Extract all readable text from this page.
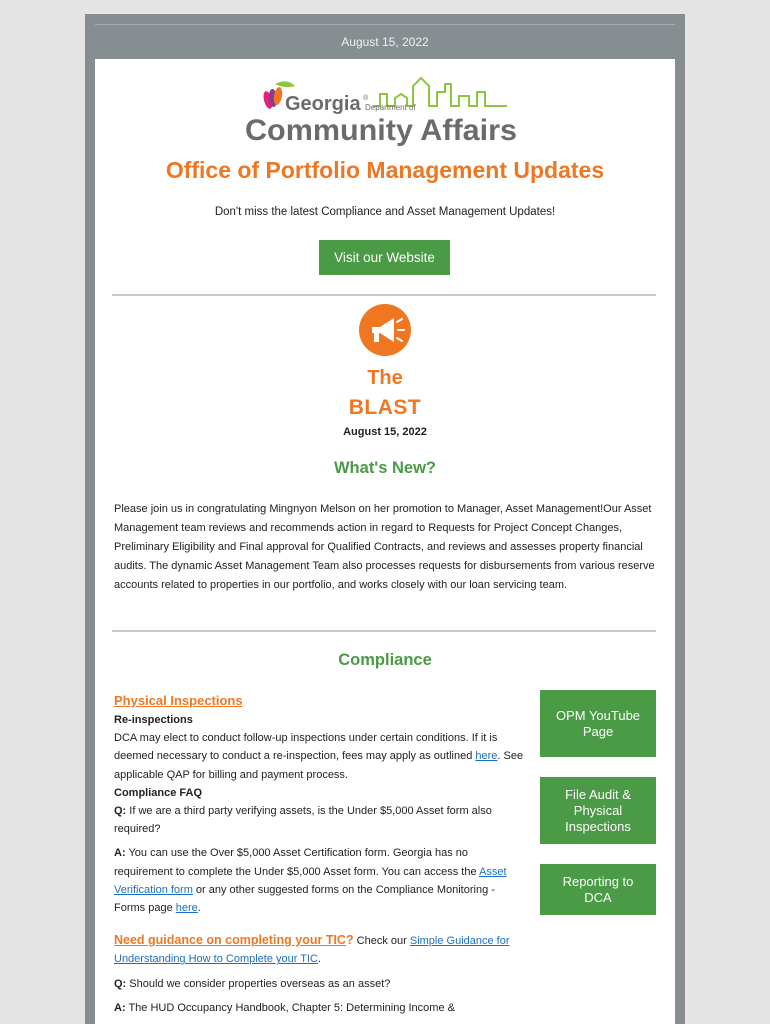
August 15, 2022
Georgia ®
Department of
Community Affairs
Office of Portfolio Management Updates
Don't miss the latest Compliance and Asset Management Updates!
Visit our Website
The
BLAST
August 15, 2022
What's New?
Please join us in congratulating Mingnyon Melson on her promotion to Manager, Asset Management!Our Asset Management team reviews and recommends action in regard to Requests for Project Concept Changes, Preliminary Eligibility and Final approval for Qualified Contracts, and reviews and assesses property financial audits. The dynamic Asset Management Team also processes requests for disbursements from various reserve accounts related to properties in our portfolio, and works closely with our loan servicing team.
Compliance

Physical Inspections

Re-inspections

DCA may elect to conduct follow-up inspections under certain conditions. If it is deemed necessary to conduct a re-inspection, fees may apply as outlined here. See applicable QAP for billing and payment process.

Compliance FAQ

Q: If we are a third party verifying assets, is the Under $5,000 Asset form also required?

A: You can use the Over $5,000 Asset Certification form. Georgia has no requirement to complete the Under $5,000 Asset form. You can access the Asset Verification form or any other suggested forms on the Compliance Monitoring - Forms page here.

Need guidance on completing your TIC? Check our Simple Guidance for Understanding How to Complete your TIC.

Q: Should we consider properties overseas as an asset?

A: The HUD Occupancy Handbook, Chapter 5: Determining Income &

OPM YouTube Page
File Audit & Physical Inspections
Reporting to DCA
